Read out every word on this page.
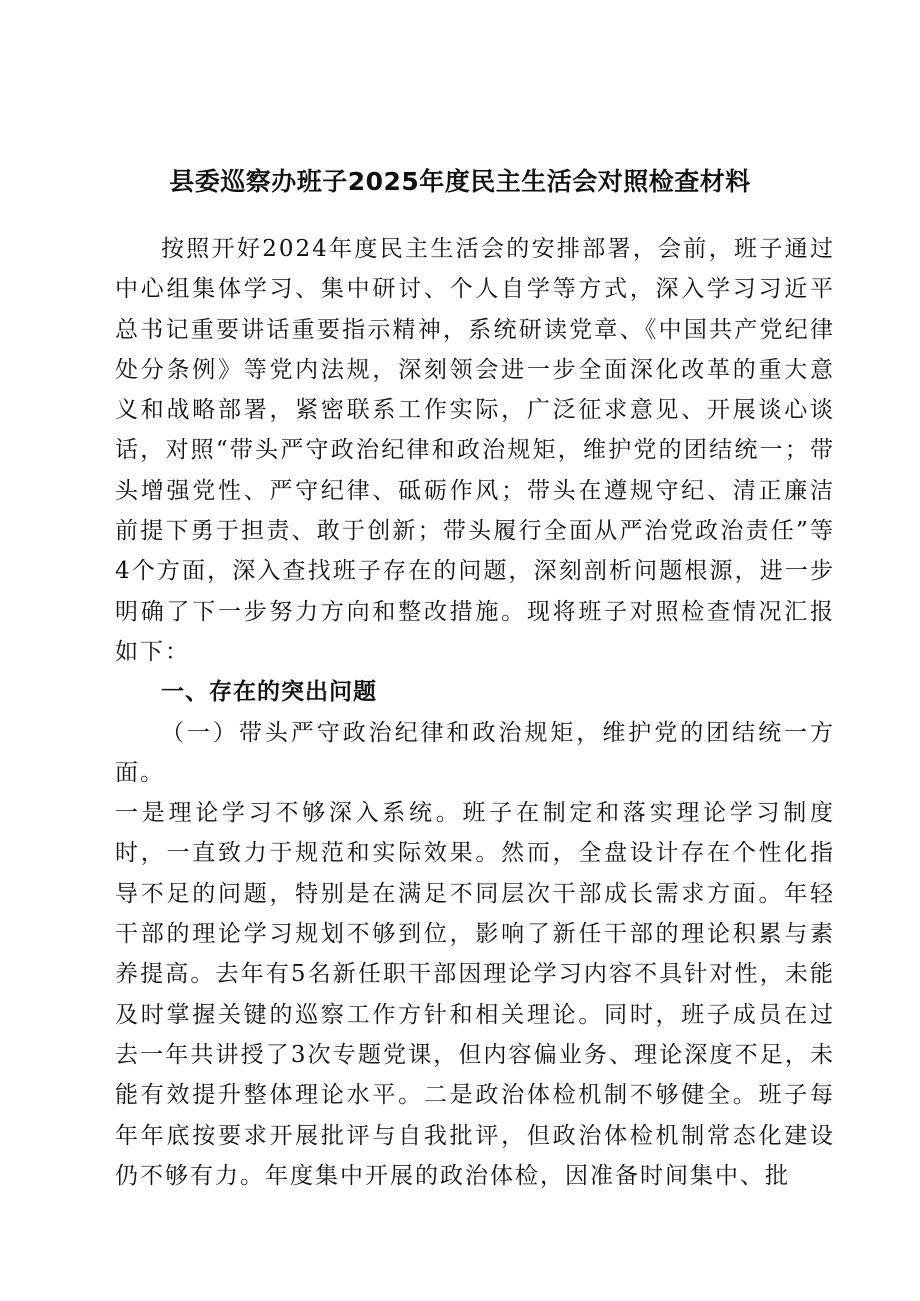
县委巡察办班子2025年度民主生活会对照检查材料

按照开好2024年度民主生活会的安排部署，会前，班子通过中心组集体学习、集中研讨、个人自学等方式，深入学习习近平总书记重要讲话重要指示精神，系统研读党章、《中国共产党纪律处分条例》等党内法规，深刻领会进一步全面深化改革的重大意义和战略部署，紧密联系工作实际，广泛征求意见、开展谈心谈话，对照“带头严守政治纪律和政治规矩，维护党的团结统一；带头增强党性、严守纪律、砥砺作风；带头在遵规守纪、清正廉洁前提下勇于担责、敢于创新；带头履行全面从严治党政治责任”等4个方面，深入查找班子存在的问题，深刻剖析问题根源，进一步明确了下一步努力方向和整改措施。现将班子对照检查情况汇报如下：

一、存在的突出问题

（一）带头严守政治纪律和政治规矩，维护党的团结统一方面。

一是理论学习不够深入系统。班子在制定和落实理论学习制度时，一直致力于规范和实际效果。然而，全盘设计存在个性化指导不足的问题，特别是在满足不同层次干部成长需求方面。年轻干部的理论学习规划不够到位，影响了新任干部的理论积累与素养提高。去年有5名新任职干部因理论学习内容不具针对性，未能及时掌握关键的巡察工作方针和相关理论。同时，班子成员在过去一年共讲授了3次专题党课，但内容偏业务、理论深度不足，未能有效提升整体理论水平。二是政治体检机制不够健全。班子每年年底按要求开展批评与自我批评，但政治体检机制常态化建设仍不够有力。年度集中开展的政治体检，因准备时间集中、批
